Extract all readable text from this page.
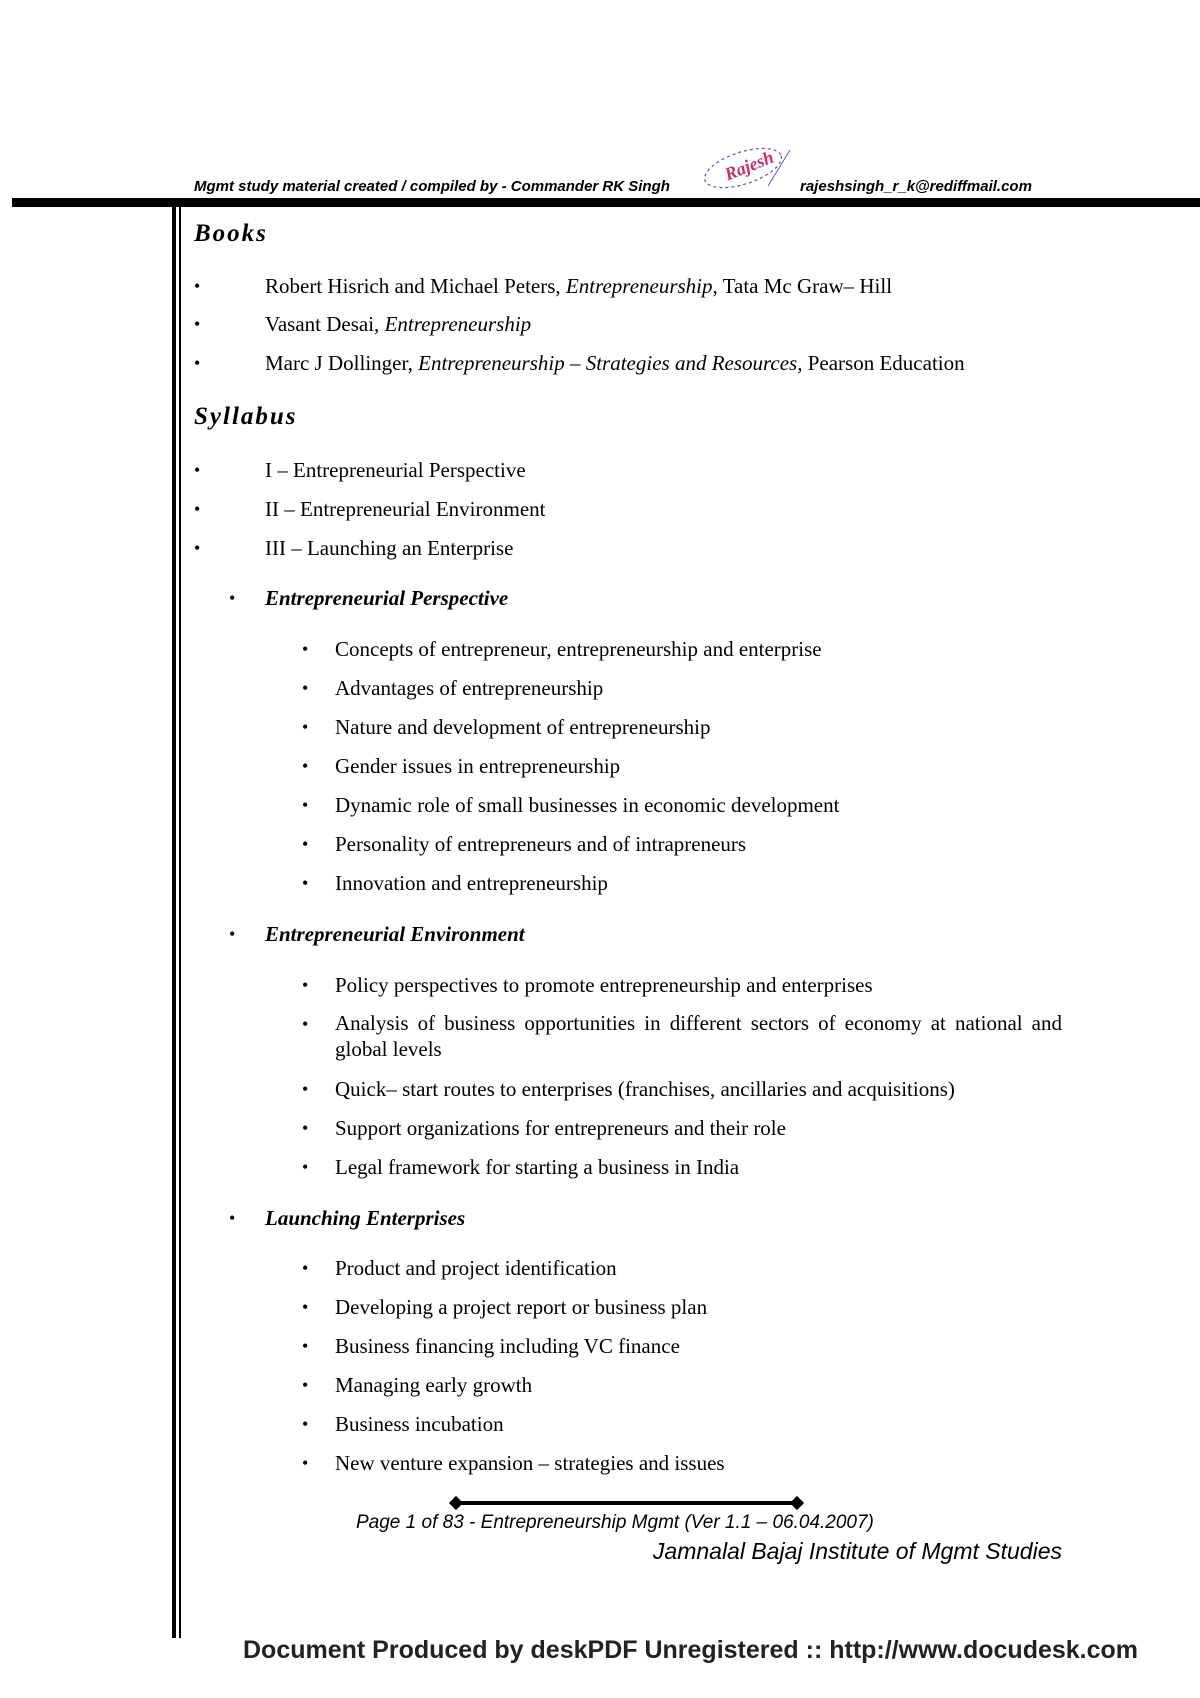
Mgmt study material created / compiled by - Commander RK Singh
Rajesh
rajeshsingh_r_k@rediffmail.com
Books
•	Robert Hisrich and Michael Peters, Entrepreneurship, Tata Mc Graw– Hill
•	Vasant Desai, Entrepreneurship
•	Marc J Dollinger, Entrepreneurship – Strategies and Resources, Pearson Education
Syllabus
•	I – Entrepreneurial Perspective
•	II – Entrepreneurial Environment
•	III – Launching an Enterprise
• Entrepreneurial Perspective
• Concepts of entrepreneur, entrepreneurship and enterprise
• Advantages of entrepreneurship
• Nature and development of entrepreneurship
• Gender issues in entrepreneurship
• Dynamic role of small businesses in economic development
• Personality of entrepreneurs and of intrapreneurs
• Innovation and entrepreneurship
• Entrepreneurial Environment
• Policy perspectives to promote entrepreneurship and enterprises
• Analysis of business opportunities in different sectors of economy at national and global levels
• Quick– start routes to enterprises (franchises, ancillaries and acquisitions)
• Support organizations for entrepreneurs and their role
• Legal framework for starting a business in India
• Launching Enterprises
• Product and project identification
• Developing a project report or business plan
• Business financing including VC finance
• Managing early growth
• Business incubation
• New venture expansion – strategies and issues
Page 1 of 83 - Entrepreneurship Mgmt (Ver 1.1 – 06.04.2007)
Jamnalal Bajaj Institute of Mgmt Studies
Document Produced by deskPDF Unregistered :: http://www.docudesk.com
